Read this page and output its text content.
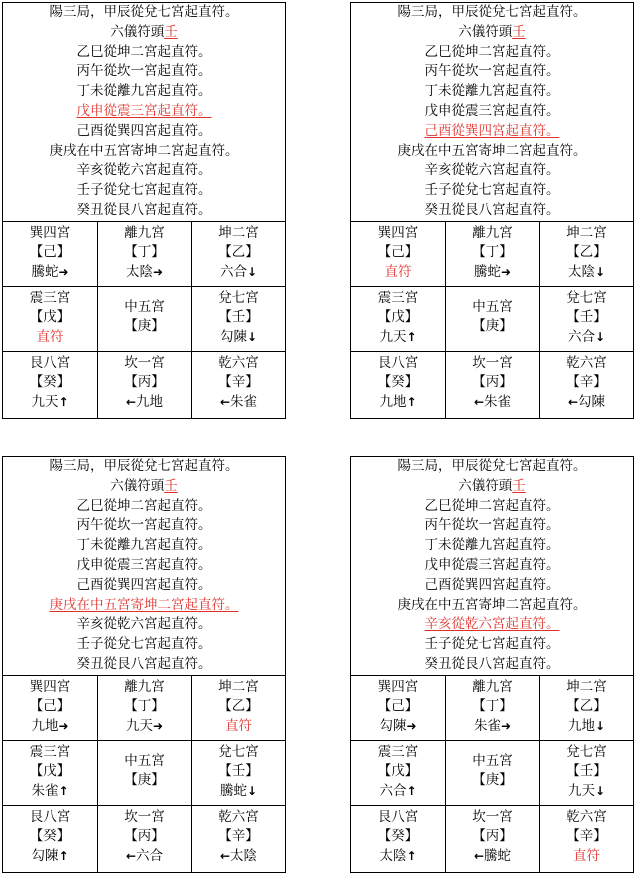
陽三局，甲辰從兌七宮起直符。
六儀符頭壬
乙巳從坤二宮起直符。
丙午從坎一宮起直符。
丁未從離九宮起直符。
戊申從震三宮起直符。
己酉從巽四宮起直符。
庚戌在中五宮寄坤二宮起直符。
辛亥從乾六宮起直符。
壬子從兌七宮起直符。
癸丑從艮八宮起直符。
巽四宮
【己】
騰蛇➜
離九宮
【丁】
太陰➜
坤二宮
【乙】
六合↓
震三宮
【戊】
直符
中五宮
【庚】
兌七宮
【壬】
勾陳↓
艮八宮
【癸】
九天↑
坎一宮
【丙】
←九地
乾六宮
【辛】
←朱雀
陽三局，甲辰從兌七宮起直符。
六儀符頭壬
乙巳從坤二宮起直符。
丙午從坎一宮起直符。
丁未從離九宮起直符。
戊申從震三宮起直符。
己酉從巽四宮起直符。
庚戌在中五宮寄坤二宮起直符。
辛亥從乾六宮起直符。
壬子從兌七宮起直符。
癸丑從艮八宮起直符。
巽四宮
【己】
直符
離九宮
【丁】
騰蛇➜
坤二宮
【乙】
太陰↓
震三宮
【戊】
九天↑
中五宮
【庚】
兌七宮
【壬】
六合↓
艮八宮
【癸】
九地↑
坎一宮
【丙】
←朱雀
乾六宮
【辛】
←勾陳
陽三局，甲辰從兌七宮起直符。
六儀符頭壬
乙巳從坤二宮起直符。
丙午從坎一宮起直符。
丁未從離九宮起直符。
戊申從震三宮起直符。
己酉從巽四宮起直符。
庚戌在中五宮寄坤二宮起直符。
辛亥從乾六宮起直符。
壬子從兌七宮起直符。
癸丑從艮八宮起直符。
巽四宮
【己】
九地➜
離九宮
【丁】
九天➜
坤二宮
【乙】
直符
震三宮
【戊】
朱雀↑
中五宮
【庚】
兌七宮
【壬】
騰蛇↓
艮八宮
【癸】
勾陳↑
坎一宮
【丙】
←六合
乾六宮
【辛】
←太陰
陽三局，甲辰從兌七宮起直符。
六儀符頭壬
乙巳從坤二宮起直符。
丙午從坎一宮起直符。
丁未從離九宮起直符。
戊申從震三宮起直符。
己酉從巽四宮起直符。
庚戌在中五宮寄坤二宮起直符。
辛亥從乾六宮起直符。
壬子從兌七宮起直符。
癸丑從艮八宮起直符。
巽四宮
【己】
勾陳➜
離九宮
【丁】
朱雀➜
坤二宮
【乙】
九地↓
震三宮
【戊】
六合↑
中五宮
【庚】
兌七宮
【壬】
九天↓
艮八宮
【癸】
太陰↑
坎一宮
【丙】
←騰蛇
乾六宮
【辛】
直符
